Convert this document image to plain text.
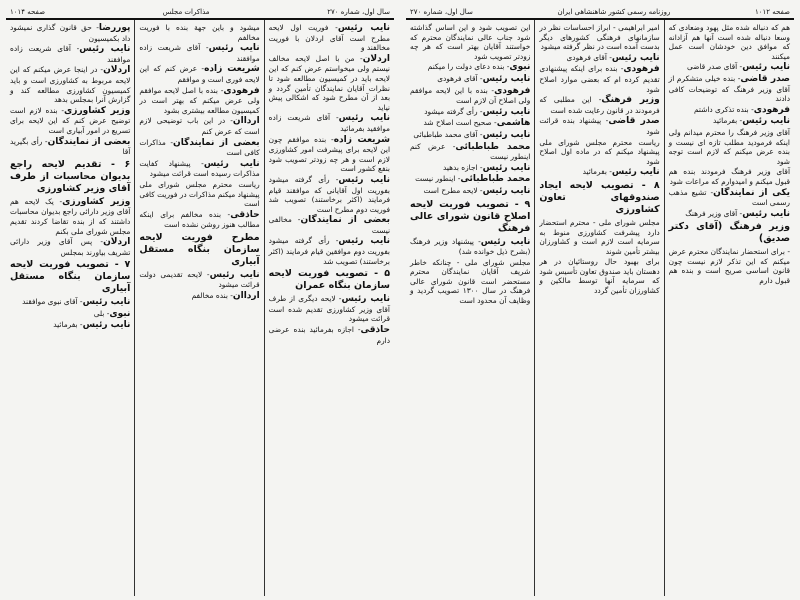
صفحه ۱۰۱۴	مذاکرات مجلس	سال اول، شماره ۲۷۰
نایب رئیس- فوریت اول لایحه مطرح است آقای اردلان با فوریت مخالفند و
اردلان- من با اصل لایحه مخالف نیستم ولی میخواستم عرض کنم که این لایحه باید در کمیسیون مطالعه شود تا نظرات آقایان نمایندگان تأمین گردد و بعد از آن مطرح شود که اشکالی پیش نیاید
نایب رئیس- آقای شریعت زاده موافقید بفرمائید
شریعت زاده- بنده موافقم چون این لایحه برای پیشرفت امور کشاورزی لازم است و هر چه زودتر تصویب شود بنفع کشور است
نایب رئیس- رأی گرفته میشود بفوریت اول آقایانی که موافقند قیام فرمایند (اکثر برخاستند) تصویب شد فوریت دوم مطرح است
بعضی از نمایندگان- مخالفی نیست
نایب رئیس- رأی گرفته میشود بفوریت دوم موافقین قیام فرمایند (اکثر برخاستند) تصویب شد
۵ - تصویب فوریت لایحه سازمان بنگاه عمران
نایب رئیس- لایحه دیگری از طرف آقای وزیر کشاورزی تقدیم شده است قرائت میشود
حاذقی- اجازه بفرمائید بنده عرضی دارم
میشود و باین جهة بنده با فوریت مخالفم
نایب رئیس- آقای شریعت زاده موافقند
شریعت زاده- عرض کنم که این لایحه فوری است و موافقم
فرهودی- بنده با اصل لایحه موافقم ولی عرض میکنم که بهتر است در کمیسیون مطالعه بیشتری بشود
ارداان- در این باب توضیحی لازم است که عرض کنم
بعضی از نمایندگان- مذاکرات کافی است
نایب رئیس- پیشنهاد کفایت مذاکرات رسیده است قرائت میشود
ریاست محترم مجلس شورای ملی پیشنهاد میکنم مذاکرات در فوریت کافی است
حاذقی- بنده مخالفم برای اینکه مطالب هنوز روشن نشده است
مطرح فوریت لایحه سازمان بنگاه مستقل آبیاری
نایب رئیس- لایحه تقدیمی دولت قرائت میشود
ارداان- بنده مخالفم
پوررضا- حق قانون گذاری نمیشود داد بکمیسیون
نایب رئیس- آقای شریعت زاده موافقند
اردلان- در اینجا عرض میکنم که این لایحه مربوط به کشاورزی است و باید کمیسیون کشاورزی مطالعه کند و گزارش آنرا بمجلس بدهد
وزیر کشاورزی- بنده لازم است توضیح عرض کنم که این لایحه برای تسریع در امور آبیاری است
بعضی از نمایندگان- رأی بگیرید آقا
۶ - تقدیم لایحه راجع بدیوان محاسبات از طرف آقای وزیر کشاورزی
وزیر کشاورزی- یک لایحه هم آقای وزیر دارائی راجع بدیوان محاسبات داشتند که از بنده تقاضا کردند تقدیم مجلس شورای ملی بکنم
اردلان- پس آقای وزیر دارائی تشریف بیاورند بمجلس
۷ - تصویب فوریت لایحه سازمان بنگاه مستقل آبیاری
نایب رئیس- آقای نبوی موافقند
نبوی- بلی
نایب رئیس- بفرمائید
سال اول، شماره ۲۷۰	روزنامه رسمی کشور شاهنشاهی ایران	صفحه ۱۰۱۲
هم که دنباله شده مثل پهود وضعادی که وسعا دنباله شده است آنها هم آزادانه که موافق دین خودشان است عمل میکنند
نایب رئیس- آقای صدر قاضی
صدر قاضی- بنده خیلی متشکرم از آقای وزیر فرهنگ که توضیحات کافی دادند
فرهودی- بنده تذکری داشتم
نایب رئیس- بفرمائید
آقای وزیر فرهنگ را محترم میدانم ولی اینکه فرمودید مطلب تازه ای نیست و بنده عرض میکنم که لازم است توجه شود
آقای وزیر فرهنگ فرمودند بنده هم قبول میکنم و امیدوارم که مراعات شود
یکی از نمایندگان- تشیع مذهب رسمی است
نایب رئیس- آقای وزیر فرهنگ
وزیر فرهنگ (آقای دکتر صدیق)
- برای استحضار نمایندگان محترم عرض میکنم که این تذکر لازم نیست چون قانون اساسی صریح است و بنده هم قبول دارم
امیر ابراهیمی - ابراز احساسات نظر در سازمانهای فرهنگی کشورهای دیگر بدست آمده است در نظر گرفته میشود
نایب رئیس- آقای فرهودی
فرهودی- بنده برای اینکه پیشنهادی تقدیم کرده ام که بعضی موارد اصلاح شود
وزیر فرهنگ- این مطلبی که فرمودند در قانون رعایت شده است
صدر قاضی- پیشنهاد بنده قرائت شود
ریاست محترم مجلس شورای ملی پیشنهاد میکنم که در ماده اول اصلاح شود
نایب رئیس- بفرمائید
۸ - تصویب لایحه ایجاد صندوقهای تعاون کشاورزی
مجلس شورای ملی - محترم استحضار دارد پیشرفت کشاورزی منوط به سرمایه است لازم است و کشاورزان بیشتر تأمین شوند
برای بهبود حال روستائیان در هر دهستان باید صندوق تعاون تأسیس شود که سرمایه آنها توسط مالکین و کشاورزان تأمین گردد
این تصویب شود و این اساس گذاشته شود جناب عالی نمایندگان محترم که خواستند آقایان بهتر است که هر چه زودتر تصویب شود
نبوی- بنده دعای دولت را میکنم
نایب رئیس- آقای فرهودی
فرهودی- بنده با این لایحه موافقم ولی اصلاح آن لازم است
نایب رئیس- رأی گرفته میشود
هاشمی- صحیح است اصلاح شد
نایب رئیس- آقای محمد طباطبائی
محمد طباطبائی- عرض کنم اینطور نیست
نایب رئیس- اجازه بدهید
محمد طباطبائی- اینطور نیست
نایب رئیس- لایحه مطرح است
۹ - تصویب فوریت لایحه اصلاح قانون شورای عالی فرهنگ
نایب رئیس- پیشنهاد وزیر فرهنگ (بشرح ذیل خوانده شد)
مجلس شورای ملی - چنانکه خاطر شریف آقایان نمایندگان محترم مستحضر است قانون شورای عالی فرهنگ در سال ۱۳۰۰ تصویب گردید و وظایف آن محدود است
